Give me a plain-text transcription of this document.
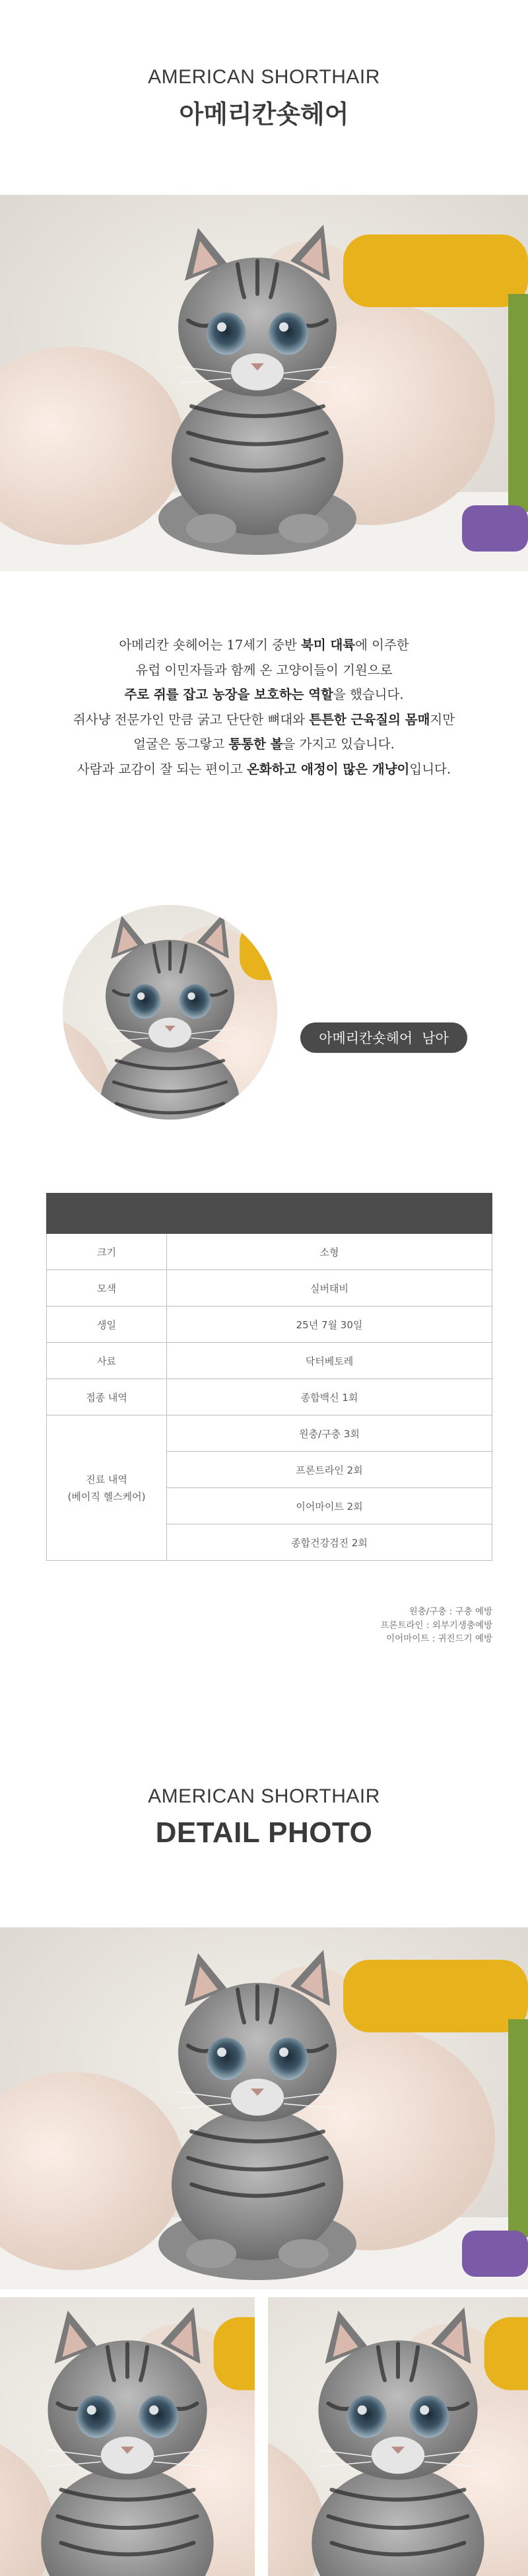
AMERICAN SHORTHAIR
아메리칸숏헤어

아메리칸 숏헤어는 17세기 중반 북미 대륙에 이주한

유럽 이민자들과 함께 온 고양이들이 기원으로

주로 쥐를 잡고 농장을 보호하는 역할을 했습니다.

쥐사냥 전문가인 만큼 굵고 단단한 뼈대와 튼튼한 근육질의 몸매지만

얼굴은 동그랗고 통통한 볼을 가지고 있습니다.

사람과 교감이 잘 되는 편이고 온화하고 애정이 많은 개냥이입니다.

아메리칸숏헤어 남아

크기	소형
모색	실버태비
생일	25년 7월 30일
사료	닥터베토레
접종 내역	종합백신 1회

진료 내역
(베이직 헬스케어)	원충/구충 3회
	프론트라인 2회
	이어마이트 2회
	종합건강검진 2회
원충/구충 : 구충 예방
프론트라인 : 외부기생충예방
이어마이트 : 귀진드기 예방
AMERICAN SHORTHAIR
DETAIL PHOTO
